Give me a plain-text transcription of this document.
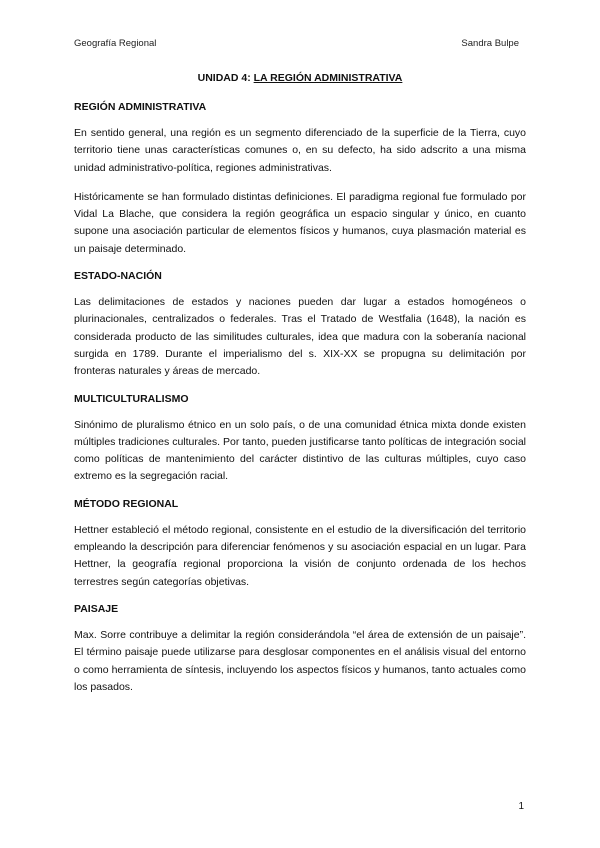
Geografía Regional	Sandra Bulpe
UNIDAD 4: LA REGIÓN ADMINISTRATIVA
REGIÓN ADMINISTRATIVA

En sentido general, una región es un segmento diferenciado de la superficie de la Tierra, cuyo territorio tiene unas características comunes o, en su defecto, ha sido adscrito a una misma unidad administrativo-política, regiones administrativas.

Históricamente se han formulado distintas definiciones. El paradigma regional fue formulado por Vidal La Blache, que considera la región geográfica un espacio singular y único, en cuanto supone una asociación particular de elementos físicos y humanos, cuya plasmación material es un paisaje determinado.

ESTADO-NACIÓN

Las delimitaciones de estados y naciones pueden dar lugar a estados homogéneos o plurinacionales, centralizados o federales. Tras el Tratado de Westfalia (1648), la nación es considerada producto de las similitudes culturales, idea que madura con la soberanía nacional surgida en 1789. Durante el imperialismo del s. XIX-XX se propugna su delimitación por fronteras naturales y áreas de mercado.

MULTICULTURALISMO

Sinónimo de pluralismo étnico en un solo país, o de una comunidad étnica mixta donde existen múltiples tradiciones culturales. Por tanto, pueden justificarse tanto políticas de integración social como políticas de mantenimiento del carácter distintivo de las culturas múltiples, cuyo caso extremo es la segregación racial.

MÉTODO REGIONAL

Hettner estableció el método regional, consistente en el estudio de la diversificación del territorio empleando la descripción para diferenciar fenómenos y su asociación espacial en un lugar. Para Hettner, la geografía regional proporciona la visión de conjunto ordenada de los hechos terrestres según categorías objetivas.

PAISAJE

Max. Sorre contribuye a delimitar la región considerándola “el área de extensión de un paisaje”. El término paisaje puede utilizarse para desglosar componentes en el análisis visual del entorno o como herramienta de síntesis, incluyendo los aspectos físicos y humanos, tanto actuales como los pasados.

1
